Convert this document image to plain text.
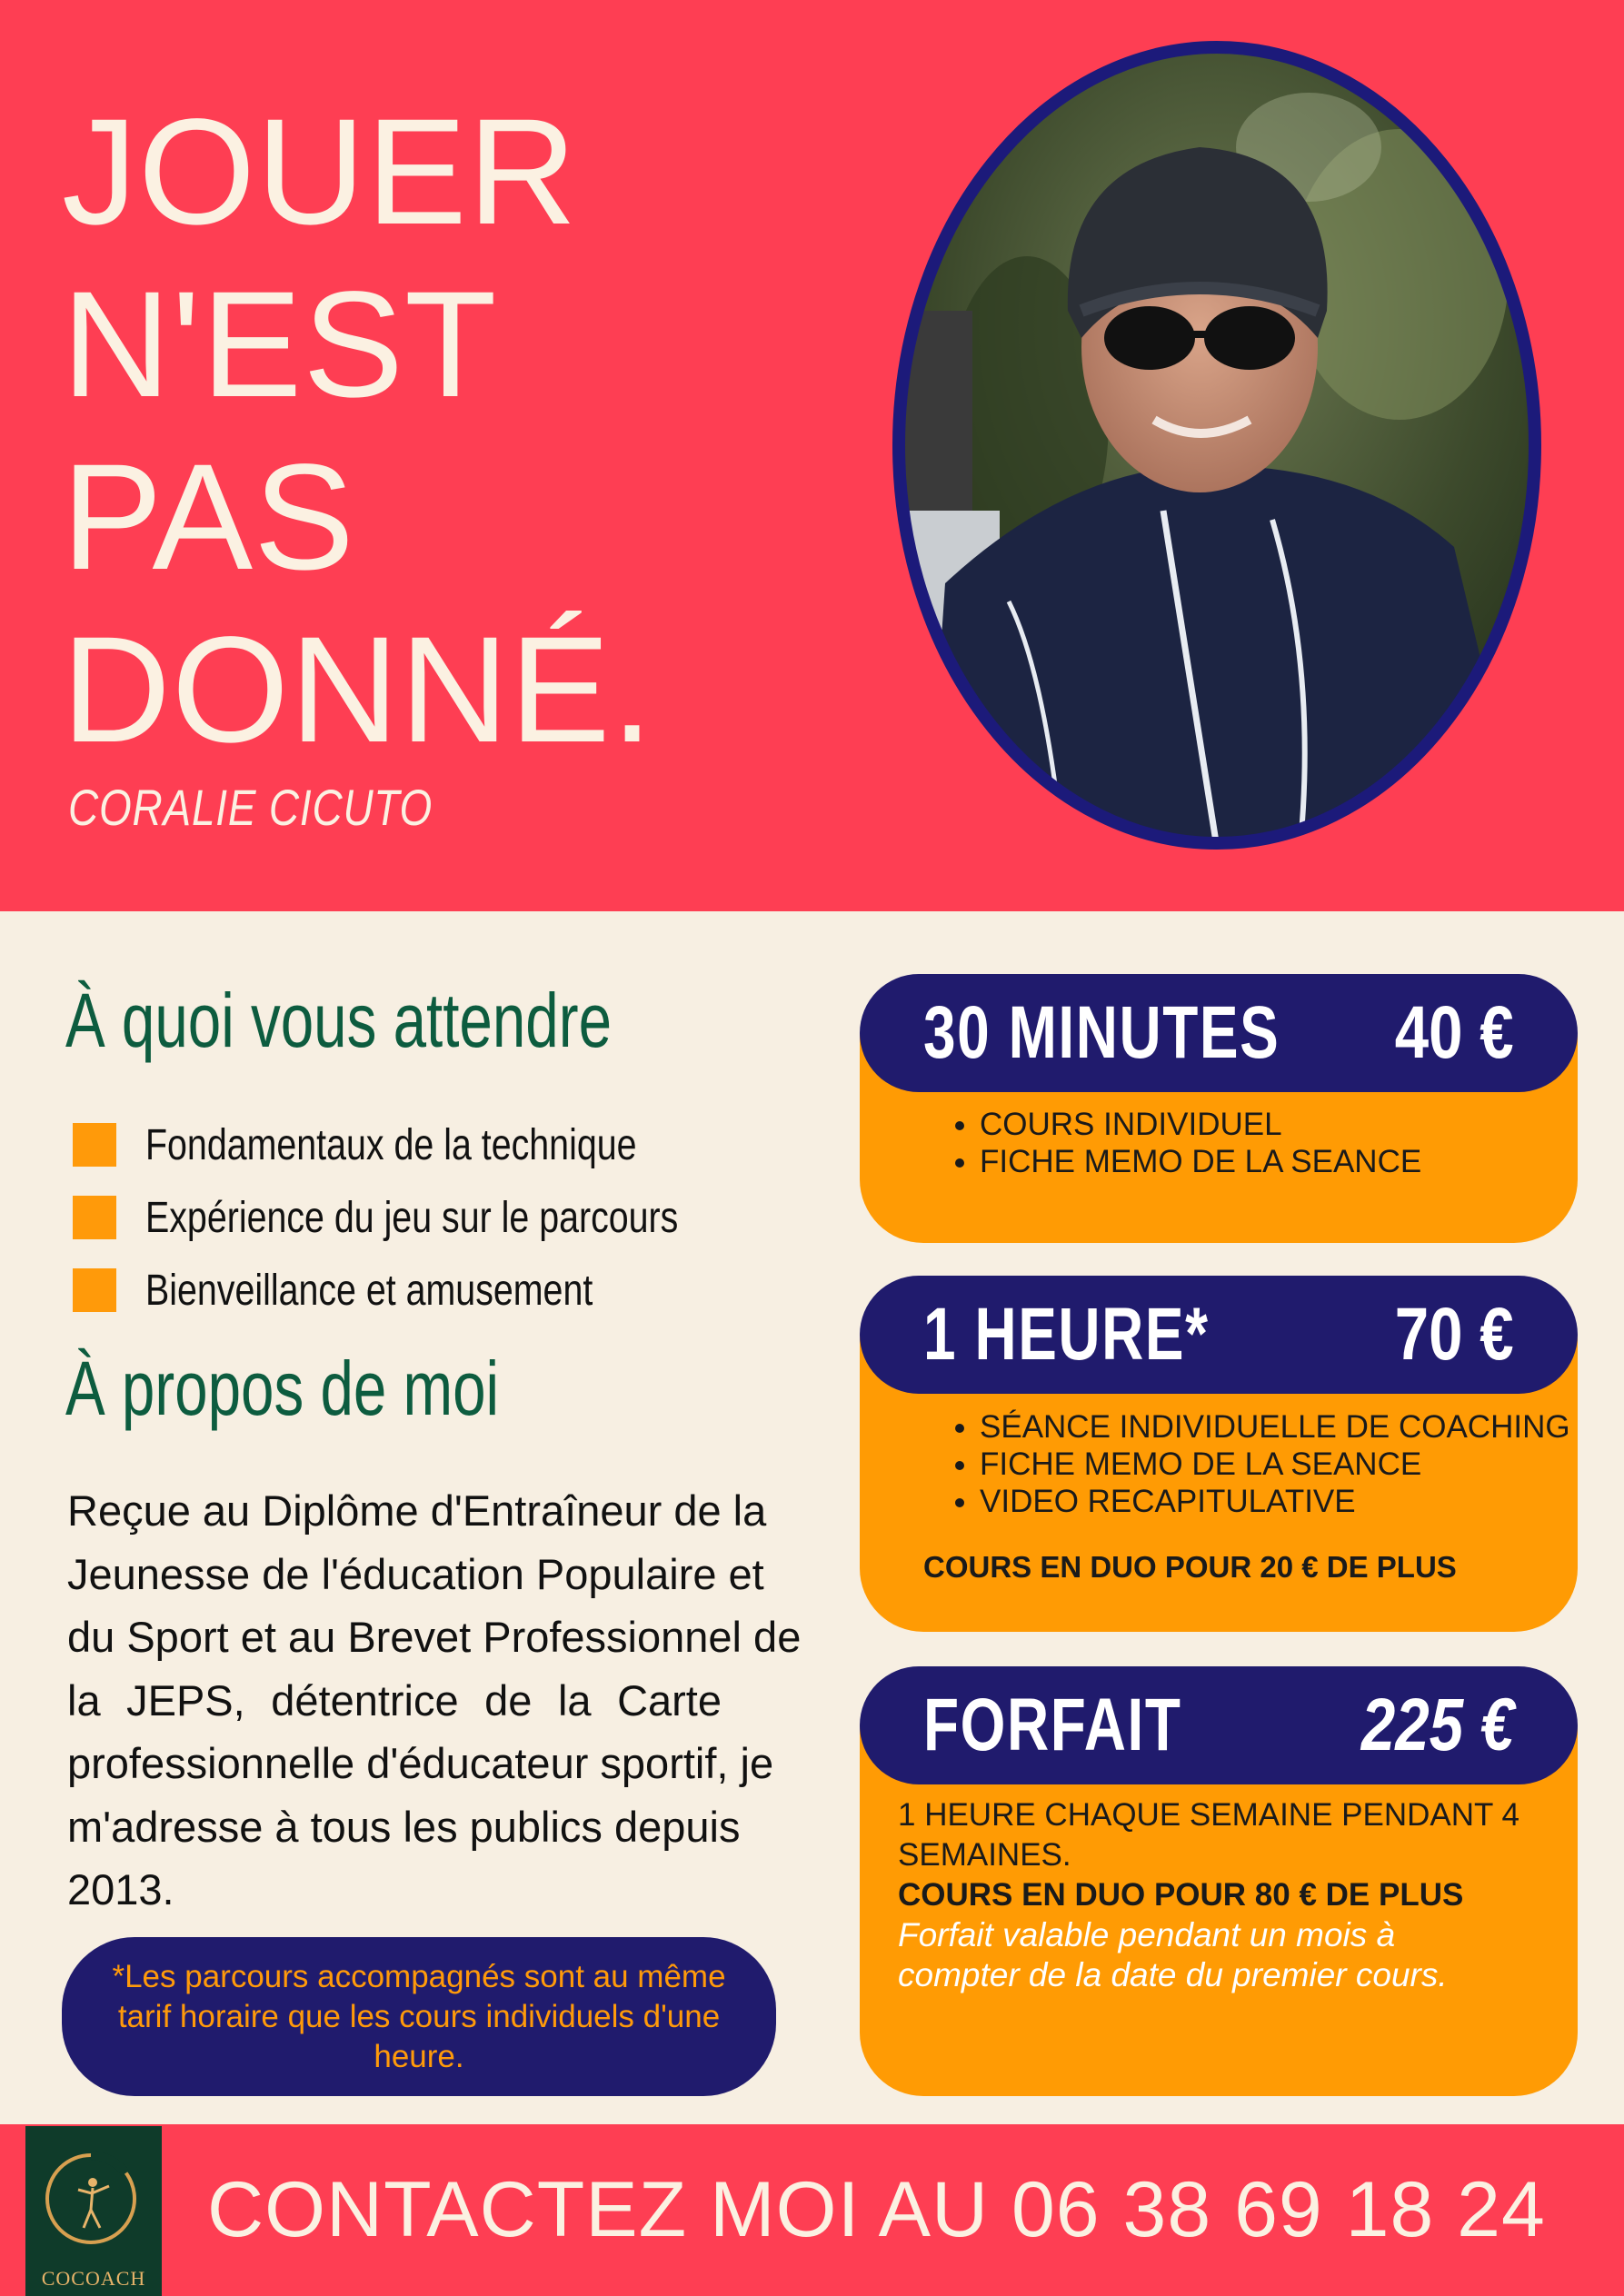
JOUER
N'EST
PAS
DONNÉ.
CORALIE CICUTO
À quoi vous attendre
Fondamentaux de la technique
Expérience du jeu sur le parcours
Bienveillance et amusement
À propos de moi
Reçue au Diplôme d'Entraîneur de la
Jeunesse de l'éducation Populaire et
du Sport et au Brevet Professionnel de
la JEPS, détentrice de la Carte
professionnelle d'éducateur sportif, je
m'adresse à tous les publics depuis
2013.
*Les parcours accompagnés sont au même tarif horaire que les cours individuels d'une heure.
30 MINUTES 40 €
• COURS INDIVIDUEL
• FICHE MEMO DE LA SEANCE
1 HEURE* 70 €
• SÉANCE INDIVIDUELLE DE COACHING
• FICHE MEMO DE LA SEANCE
• VIDEO RECAPITULATIVE
COURS EN DUO POUR 20 € DE PLUS
FORFAIT 225 €
1 HEURE CHAQUE SEMAINE PENDANT 4 SEMAINES.
COURS EN DUO POUR 80 € DE PLUS
Forfait valable pendant un mois à compter de la date du premier cours.
COCOACH
CONTACTEZ MOI AU 06 38 69 18 24
